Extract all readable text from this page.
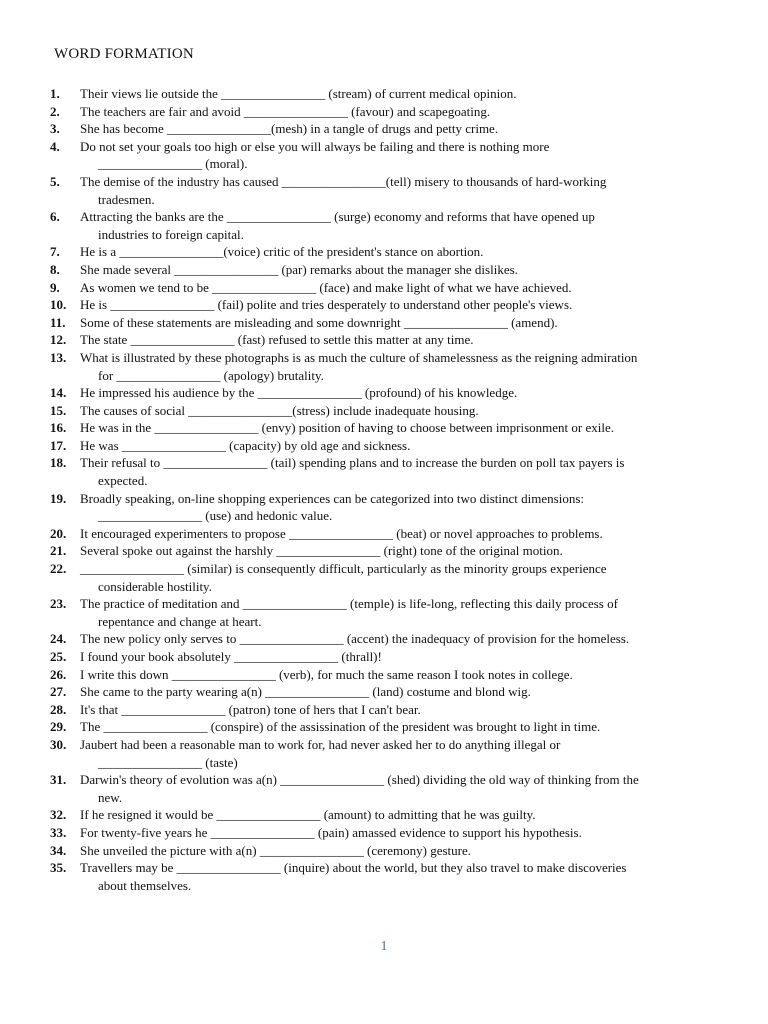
WORD FORMATION
1.	Their views lie outside the ________________ (stream) of current medical opinion.
2.	The teachers are fair and avoid ________________ (favour) and scapegoating.
3.	She has become ________________(mesh) in a tangle of drugs and petty crime.
4.	Do not set your goals too high or else you will always be failing and there is nothing more
________________ (moral).
5.	The demise of the industry has caused ________________(tell) misery to thousands of hard-working
tradesmen.
6.	Attracting the banks are the ________________ (surge) economy and reforms that have opened up
industries to foreign capital.
7.	He is a ________________(voice) critic of the president's stance on abortion.
8.	She made several ________________ (par) remarks about the manager she dislikes.
9.	As women we tend to be ________________ (face) and make light of what we have achieved.
10.	He is ________________ (fail) polite and tries desperately to understand other people's views.
11.	Some of these statements are misleading and some downright ________________ (amend).
12.	The state ________________ (fast) refused to settle this matter at any time.
13.	What is illustrated by these photographs is as much the culture of shamelessness as the reigning admiration
for ________________ (apology) brutality.
14.	He impressed his audience by the ________________ (profound) of his knowledge.
15.	The causes of social ________________(stress) include inadequate housing.
16.	He was in the ________________ (envy) position of having to choose between imprisonment or exile.
17.	He was ________________ (capacity) by old age and sickness.
18.	Their refusal to ________________ (tail) spending plans and to increase the burden on poll tax payers is
expected.
19.	Broadly speaking, on-line shopping experiences can be categorized into two distinct dimensions:
________________ (use) and hedonic value.
20.	It encouraged experimenters to propose ________________ (beat) or novel approaches to problems.
21.	Several spoke out against the harshly ________________ (right) tone of the original motion.
22.	________________ (similar) is consequently difficult, particularly as the minority groups experience
considerable hostility.
23.	The practice of meditation and ________________ (temple) is life-long, reflecting this daily process of
repentance and change at heart.
24.	The new policy only serves to ________________ (accent) the inadequacy of provision for the homeless.
25.	I found your book absolutely ________________ (thrall)!
26.	I write this down ________________ (verb), for much the same reason I took notes in college.
27.	She came to the party wearing a(n) ________________ (land) costume and blond wig.
28.	It's that ________________ (patron) tone of hers that I can't bear.
29.	The ________________ (conspire) of the assissination of the president was brought to light in time.
30.	Jaubert had been a reasonable man to work for, had never asked her to do anything illegal or
________________ (taste)
31.	Darwin's theory of evolution was a(n) ________________ (shed) dividing the old way of thinking from the
new.
32.	If he resigned it would be ________________ (amount) to admitting that he was guilty.
33.	For twenty-five years he ________________ (pain) amassed evidence to support his hypothesis.
34.	She unveiled the picture with a(n) ________________ (ceremony) gesture.
35.	Travellers may be ________________ (inquire) about the world, but they also travel to make discoveries
about themselves.
1
